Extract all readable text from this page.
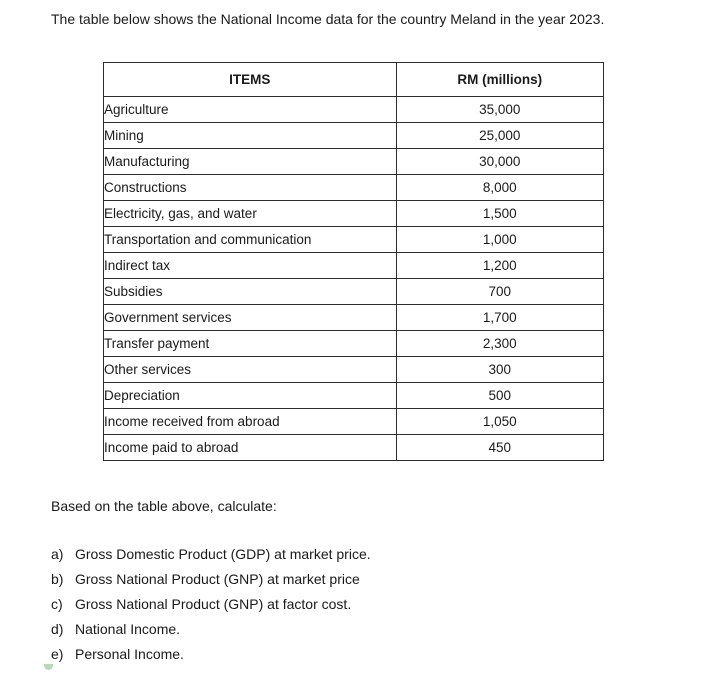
The table below shows the National Income data for the country Meland in the year 2023.

ITEMS	RM (millions)
Agriculture	35,000
Mining	25,000
Manufacturing	30,000
Constructions	8,000
Electricity, gas, and water	1,500
Transportation and communication	1,000
Indirect tax	1,200
Subsidies	700
Government services	1,700
Transfer payment	2,300
Other services	300
Depreciation	500
Income received from abroad	1,050
Income paid to abroad	450

Based on the table above, calculate:

a) Gross Domestic Product (GDP) at market price.
b) Gross National Product (GNP) at market price
c) Gross National Product (GNP) at factor cost.
d) National Income.
e) Personal Income.
